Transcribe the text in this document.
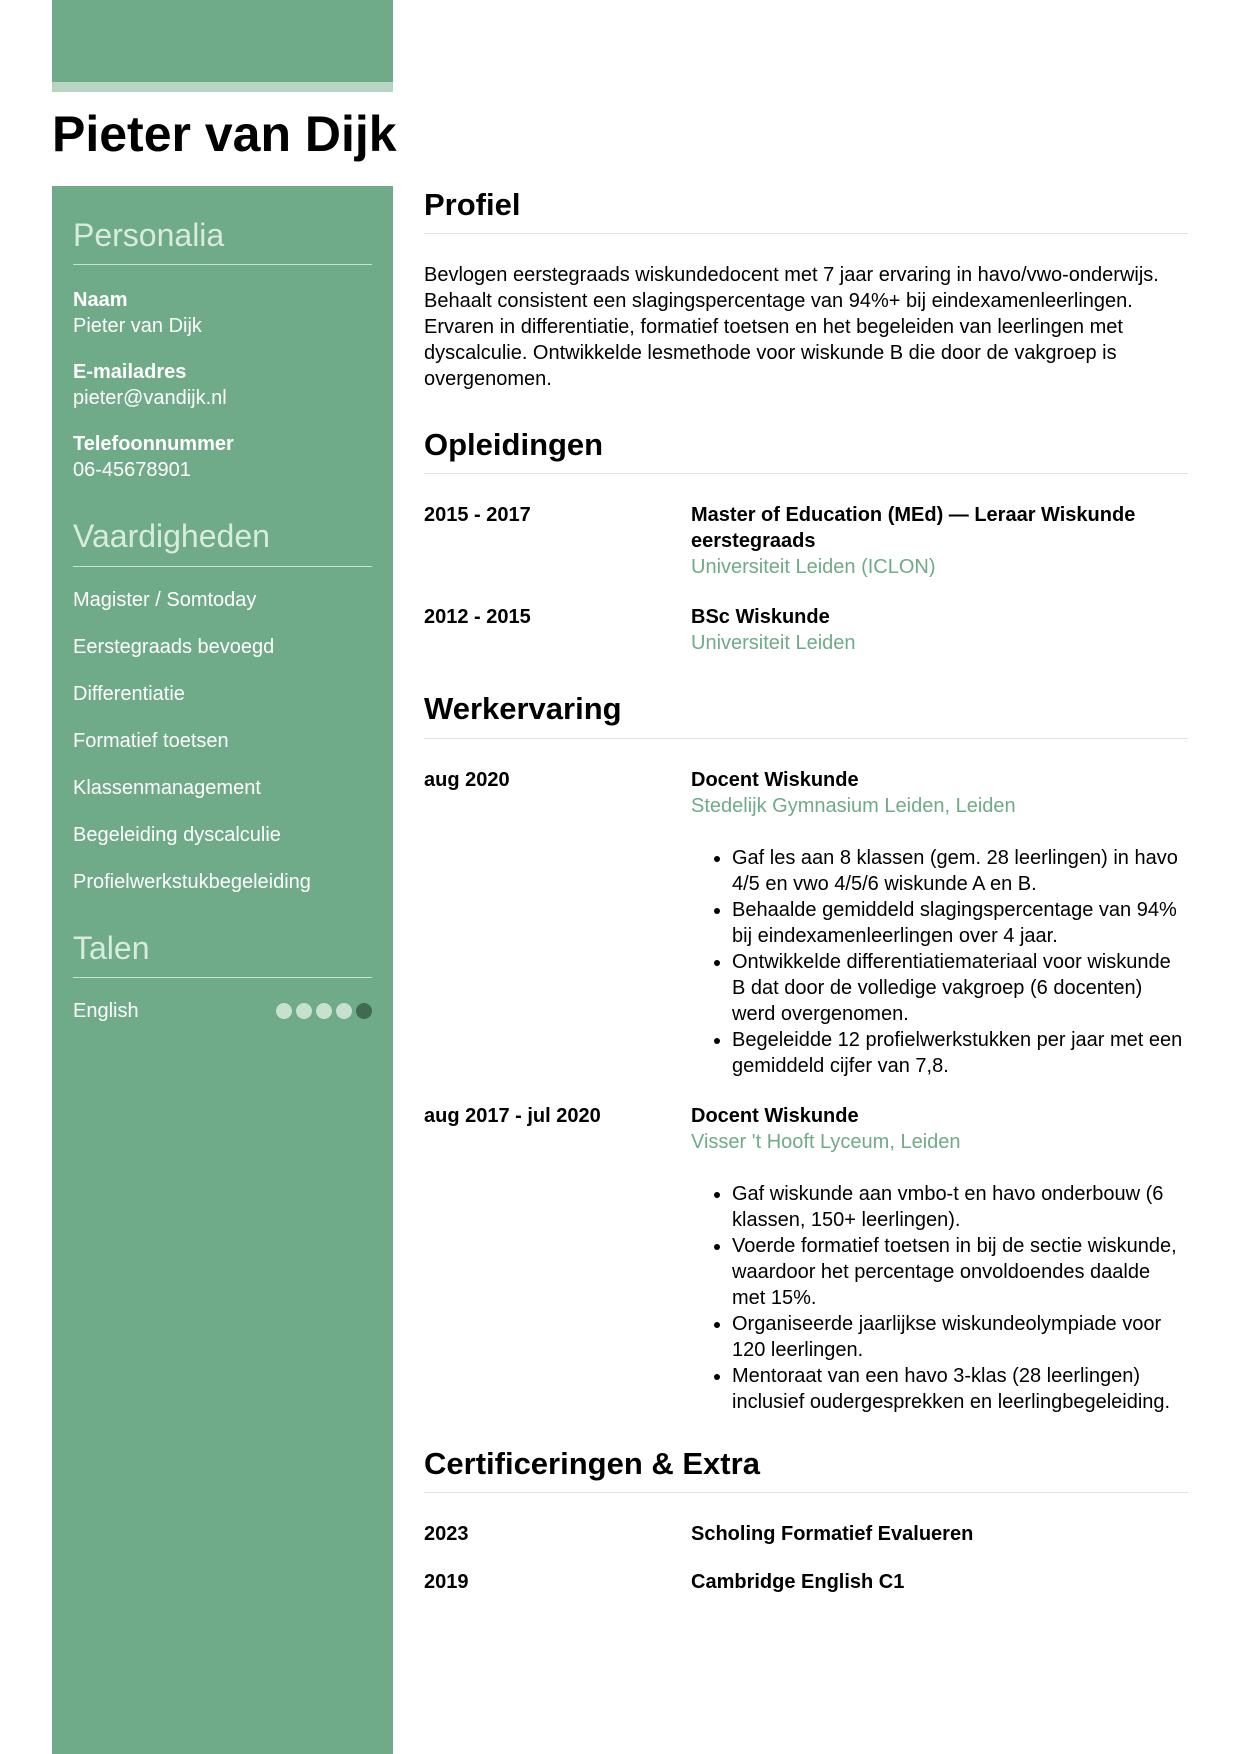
Pieter van Dijk
Personalia
Naam
Pieter van Dijk
E-mailadres
pieter@vandijk.nl
Telefoonnummer
06-45678901
Vaardigheden
Magister / Somtoday
Eerstegraads bevoegd
Differentiatie
Formatief toetsen
Klassenmanagement
Begeleiding dyscalculie
Profielwerkstukbegeleiding
Talen
English
Profiel

Bevlogen eerstegraads wiskundedocent met 7 jaar ervaring in havo/vwo-onderwijs. Behaalt consistent een slagingspercentage van 94%+ bij eindexamenleerlingen. Ervaren in differentiatie, formatief toetsen en het begeleiden van leerlingen met dyscalculie. Ontwikkelde lesmethode voor wiskunde B die door de vakgroep is overgenomen.

Opleidingen
2015 - 2017	Master of Education (MEd) — Leraar Wiskunde eerstegraads
Universiteit Leiden (ICLON)
2012 - 2015	BSc Wiskunde
Universiteit Leiden
Werkervaring
aug 2020	Docent Wiskunde
Stedelijk Gymnasium Leiden, Leiden
• Gaf les aan 8 klassen (gem. 28 leerlingen) in havo 4/5 en vwo 4/5/6 wiskunde A en B.
• Behaalde gemiddeld slagingspercentage van 94% bij eindexamenleerlingen over 4 jaar.
• Ontwikkelde differentiatiemateriaal voor wiskunde B dat door de volledige vakgroep (6 docenten) werd overgenomen.
• Begeleidde 12 profielwerkstukken per jaar met een gemiddeld cijfer van 7,8.
aug 2017 - jul 2020	Docent Wiskunde
Visser 't Hooft Lyceum, Leiden
• Gaf wiskunde aan vmbo-t en havo onderbouw (6 klassen, 150+ leerlingen).
• Voerde formatief toetsen in bij de sectie wiskunde, waardoor het percentage onvoldoendes daalde met 15%.
• Organiseerde jaarlijkse wiskundeolympiade voor 120 leerlingen.
• Mentoraat van een havo 3-klas (28 leerlingen) inclusief oudergesprekken en leerlingbegeleiding.
Certificeringen & Extra
2023	Scholing Formatief Evalueren
2019	Cambridge English C1
